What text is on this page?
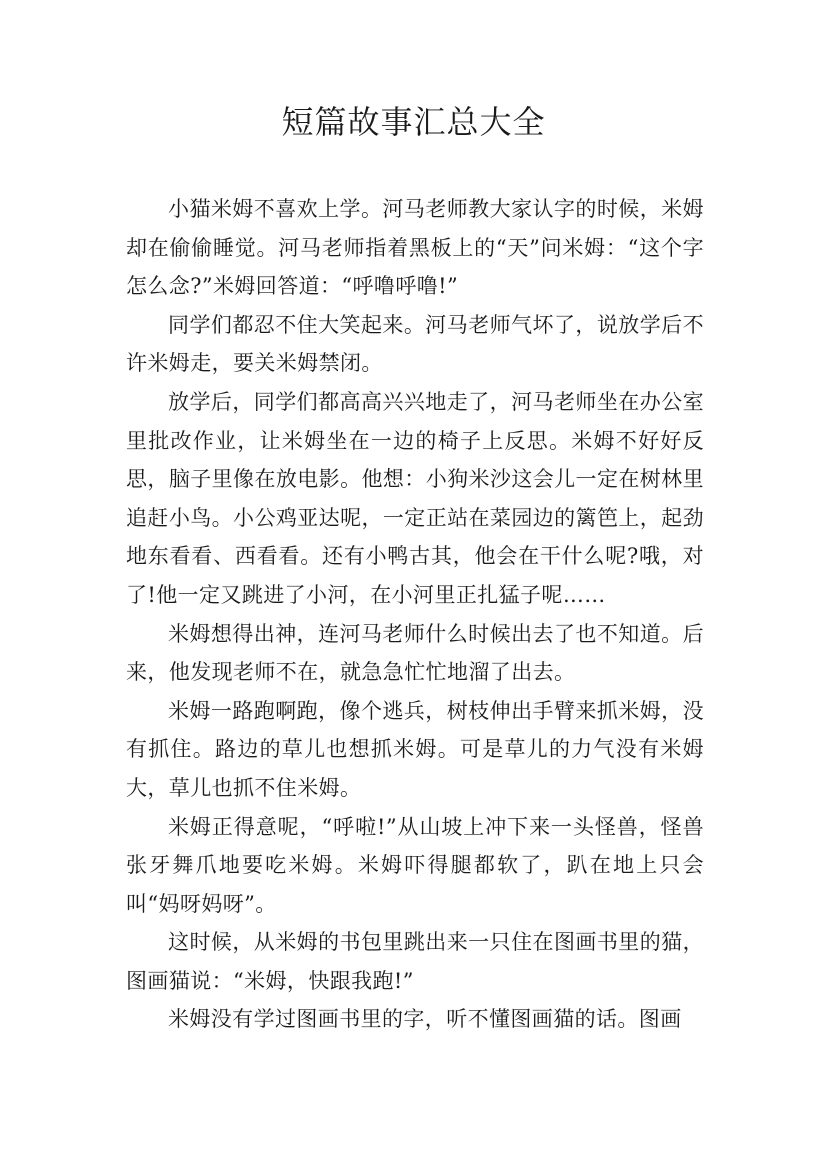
短篇故事汇总大全

小猫米姆不喜欢上学。河马老师教大家认字的时候，米姆却在偷偷睡觉。河马老师指着黑板上的“天”问米姆：“这个字怎么念?”米姆回答道：“呼噜呼噜!”

同学们都忍不住大笑起来。河马老师气坏了，说放学后不许米姆走，要关米姆禁闭。

放学后，同学们都高高兴兴地走了，河马老师坐在办公室里批改作业，让米姆坐在一边的椅子上反思。米姆不好好反思，脑子里像在放电影。他想：小狗米沙这会儿一定在树林里追赶小鸟。小公鸡亚达呢，一定正站在菜园边的篱笆上，起劲地东看看、西看看。还有小鸭古其，他会在干什么呢?哦，对了!他一定又跳进了小河，在小河里正扎猛子呢……

米姆想得出神，连河马老师什么时候出去了也不知道。后来，他发现老师不在，就急急忙忙地溜了出去。

米姆一路跑啊跑，像个逃兵，树枝伸出手臂来抓米姆，没有抓住。路边的草儿也想抓米姆。可是草儿的力气没有米姆大，草儿也抓不住米姆。

米姆正得意呢，“呼啦!”从山坡上冲下来一头怪兽，怪兽张牙舞爪地要吃米姆。米姆吓得腿都软了，趴在地上只会叫“妈呀妈呀”。

这时候，从米姆的书包里跳出来一只住在图画书里的猫，图画猫说：“米姆，快跟我跑!”

米姆没有学过图画书里的字，听不懂图画猫的话。图画
